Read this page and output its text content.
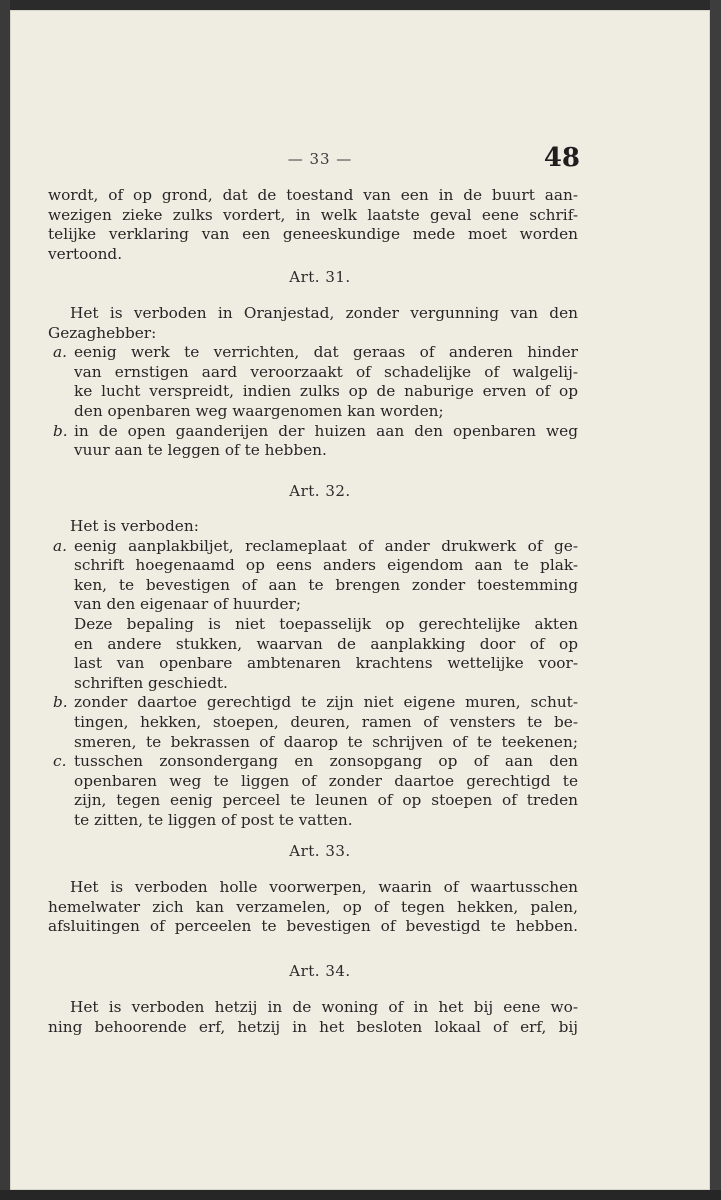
— 33 —	48
wordt, of op grond, dat de toestand van een in de buurt aan-
wezigen zieke zulks vordert, in welk laatste geval eene schrif-
telijke verklaring van een geneeskundige mede moet worden
vertoond.
Art. 31.
Het is verboden in Oranjestad, zonder vergunning van den
Gezaghebber:
a. eenig werk te verrichten, dat geraas of anderen hinder
van ernstigen aard veroorzaakt of schadelijke of walgelij-
ke lucht verspreidt, indien zulks op de naburige erven of op
den openbaren weg waargenomen kan worden;
b. in de open gaanderijen der huizen aan den openbaren weg
vuur aan te leggen of te hebben.
Art. 32.
Het is verboden:
a. eenig aanplakbiljet, reclameplaat of ander drukwerk of ge-
schrift hoegenaamd op eens anders eigendom aan te plak-
ken, te bevestigen of aan te brengen zonder toestemming
van den eigenaar of huurder;
Deze bepaling is niet toepasselijk op gerechtelijke akten
en andere stukken, waarvan de aanplakking door of op
last van openbare ambtenaren krachtens wettelijke voor-
schriften geschiedt.
b. zonder daartoe gerechtigd te zijn niet eigene muren, schut-
tingen, hekken, stoepen, deuren, ramen of vensters te be-
smeren, te bekrassen of daarop te schrijven of te teekenen;
c. tusschen zonsondergang en zonsopgang op of aan den
openbaren weg te liggen of zonder daartoe gerechtigd te
zijn, tegen eenig perceel te leunen of op stoepen of treden
te zitten, te liggen of post te vatten.
Art. 33.
Het is verboden holle voorwerpen, waarin of waartusschen
hemelwater zich kan verzamelen, op of tegen hekken, palen,
afsluitingen of perceelen te bevestigen of bevestigd te hebben.
Art. 34.
Het is verboden hetzij in de woning of in het bij eene wo-
ning behoorende erf, hetzij in het besloten lokaal of erf, bij
